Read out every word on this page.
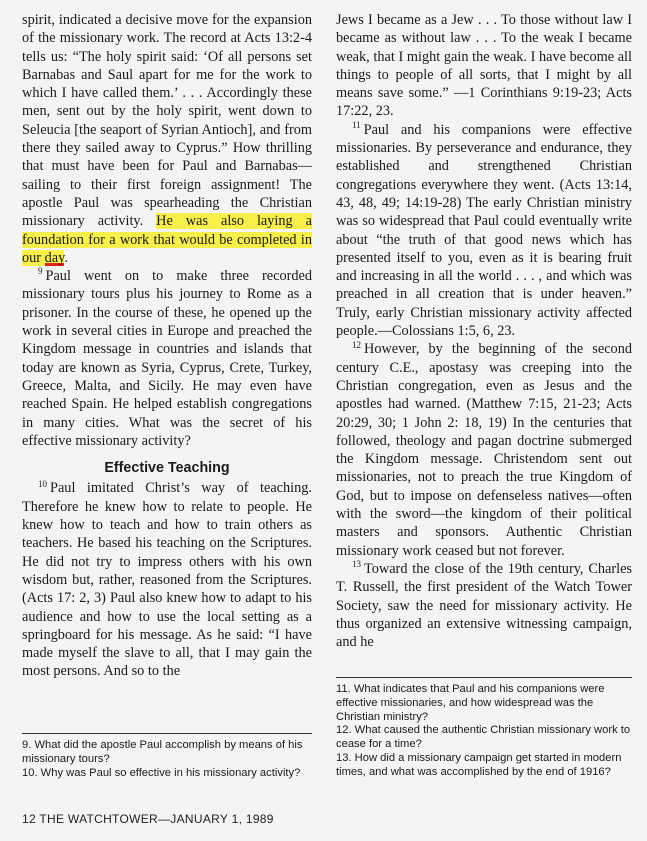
spirit, indicated a decisive move for the expansion of the missionary work. The record at Acts 13:2-4 tells us: “The holy spirit said: ‘Of all persons set Barnabas and Saul apart for me for the work to which I have called them.’ . . . Accordingly these men, sent out by the holy spirit, went down to Seleucia [the seaport of Syrian Antioch], and from there they sailed away to Cyprus.” How thrilling that must have been for Paul and Barnabas—sailing to their first foreign assignment! The apostle Paul was spearheading the Christian missionary activity. He was also laying a foundation for a work that would be completed in our day.

$^9$ Paul went on to make three recorded missionary tours plus his journey to Rome as a prisoner. In the course of these, he opened up the work in several cities in Europe and preached the Kingdom message in countries and islands that today are known as Syria, Cyprus, Crete, Turkey, Greece, Malta, and Sicily. He may even have reached Spain. He helped establish congregations in many cities. What was the secret of his effective missionary activity?

Effective Teaching

$^{10}$ Paul imitated Christ’s way of teaching. Therefore he knew how to relate to people. He knew how to teach and how to train others as teachers. He based his teaching on the Scriptures. He did not try to impress others with his own wisdom but, rather, reasoned from the Scriptures. (Acts 17: 2, 3) Paul also knew how to adapt to his audience and how to use the local setting as a springboard for his message. As he said: “I have made myself the slave to all, that I may gain the most persons. And so to the

9. What did the apostle Paul accomplish by means of his missionary tours?
10. Why was Paul so effective in his missionary activity?

Jews I became as a Jew . . . To those without law I became as without law . . . To the weak I became weak, that I might gain the weak. I have become all things to people of all sorts, that I might by all means save some.” —1 Corinthians 9:19-23; Acts 17:22, 23.

$^{11}$ Paul and his companions were effective missionaries. By perseverance and endurance, they established and strengthened Christian congregations everywhere they went. (Acts 13:14, 43, 48, 49; 14:19-28) The early Christian ministry was so widespread that Paul could eventually write about “the truth of that good news which has presented itself to you, even as it is bearing fruit and increasing in all the world . . . , and which was preached in all creation that is under heaven.” Truly, early Christian missionary activity affected people.—Colossians 1:5, 6, 23.

$^{12}$ However, by the beginning of the second century C.E., apostasy was creeping into the Christian congregation, even as Jesus and the apostles had warned. (Matthew 7:15, 21-23; Acts 20:29, 30; 1 John 2: 18, 19) In the centuries that followed, theology and pagan doctrine submerged the Kingdom message. Christendom sent out missionaries, not to preach the true Kingdom of God, but to impose on defenseless natives—often with the sword—the kingdom of their political masters and sponsors. Authentic Christian missionary work ceased but not forever.

$^{13}$ Toward the close of the 19th century, Charles T. Russell, the first president of the Watch Tower Society, saw the need for missionary activity. He thus organized an extensive witnessing campaign, and he

11. What indicates that Paul and his companions were effective missionaries, and how widespread was the Christian ministry?
12. What caused the authentic Christian missionary work to cease for a time?
13. How did a missionary campaign get started in modern times, and what was accomplished by the end of 1916?
12 THE WATCHTOWER—JANUARY 1, 1989
